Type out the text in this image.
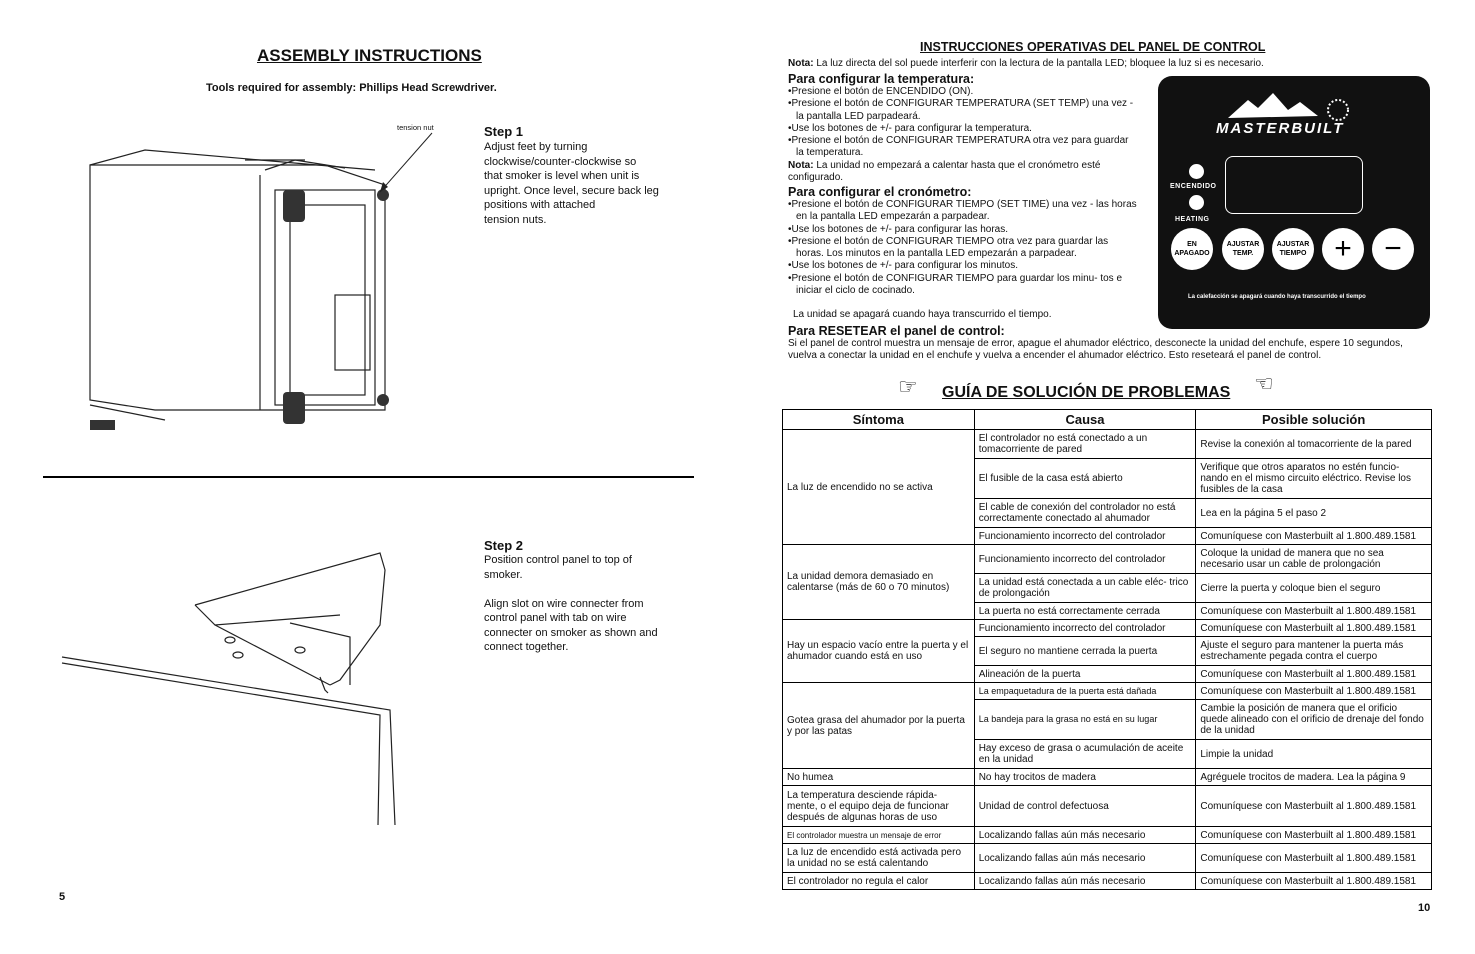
ASSEMBLY INSTRUCTIONS
Tools required for assembly: Phillips Head Screwdriver.
tension nut	Step 1
Adjust feet by turning
clockwise/counter-clockwise so
that smoker is level when unit is
upright. Once level, secure back leg
positions with attached
tension nuts.
Step 2
Position control panel to top of
smoker.

Align slot on wire connecter from
control panel with tab on wire
connecter on smoker as shown and
connect together.
5
INSTRUCCIONES OPERATIVAS DEL PANEL DE CONTROL
Nota: La luz directa del sol puede interferir con la lectura de la pantalla LED; bloquee la luz si es necesario.
Para configurar la temperatura:
• Presione el botón de ENCENDIDO (ON).
• Presione el botón de CONFIGURAR TEMPERATURA (SET TEMP) una vez - la pantalla LED parpadeará.
• Use los botones de +/- para configurar la temperatura.
• Presione el botón de CONFIGURAR TEMPERATURA otra vez para guardar la temperatura.
Nota: La unidad no empezará a calentar hasta que el cronómetro esté configurado.
Para configurar el cronómetro:
• Presione el botón de CONFIGURAR TIEMPO (SET TIME) una vez - las horas en la pantalla LED empezarán a parpadear.
• Use los botones de +/- para configurar las horas.
• Presione el botón de CONFIGURAR TIEMPO otra vez para guardar las horas. Los minutos en la pantalla LED empezarán a parpadear.
• Use los botones de +/- para configurar los minutos.
• Presione el botón de CONFIGURAR TIEMPO para guardar los minu- tos e iniciar el ciclo de cocinado.
La unidad se apagará cuando haya transcurrido el tiempo.
Para RESETEAR el panel de control:
Si el panel de control muestra un mensaje de error, apague el ahumador eléctrico, desconecte la unidad del enchufe, espere 10 segundos, vuelva a conectar la unidad en el enchufe y vuelva a encender el ahumador eléctrico. Esto reseteará el panel de control.
MASTERBUILT
ENCENDIDO
HEATING
EN APAGADO
AJUSTAR TEMP.
AJUSTAR TIEMPO +	−
La calefacción se apagará cuando haya transcurrido el tiempo
☞ GUÍA DE SOLUCIÓN DE PROBLEMAS ☜
Síntoma	Causa	Posible solución
La luz de encendido no se activa	El controlador no está conectado a un tomacorriente de pared	Revise la conexión al tomacorriente de la pared
	El fusible de la casa está abierto	Verifique que otros aparatos no estén funcio- nando en el mismo circuito eléctrico. Revise los fusibles de la casa
	El cable de conexión del controlador no está correctamente conectado al ahumador	Lea en la página 5 el paso 2
	Funcionamiento incorrecto del controlador	Comuníquese con Masterbuilt al 1.800.489.1581
La unidad demora demasiado en calentarse (más de 60 o 70 minutos)	Funcionamiento incorrecto del controlador	Coloque la unidad de manera que no sea necesario usar un cable de prolongación
	La unidad está conectada a un cable eléc- trico de prolongación	Cierre la puerta y coloque bien el seguro
	La puerta no está correctamente cerrada	Comuníquese con Masterbuilt al 1.800.489.1581
Hay un espacio vacío entre la puerta y el ahumador cuando está en uso	Funcionamiento incorrecto del controlador	Comuníquese con Masterbuilt al 1.800.489.1581
	El seguro no mantiene cerrada la puerta	Ajuste el seguro para mantener la puerta más estrechamente pegada contra el cuerpo
	Alineación de la puerta	Comuníquese con Masterbuilt al 1.800.489.1581
Gotea grasa del ahumador por la puerta y por las patas	La empaquetadura de la puerta está dañada	Comuníquese con Masterbuilt al 1.800.489.1581
	La bandeja para la grasa no está en su lugar	Cambie la posición de manera que el orificio quede alineado con el orificio de drenaje del fondo de la unidad
	Hay exceso de grasa o acumulación de aceite en la unidad	Limpie la unidad
No humea	No hay trocitos de madera	Agréguele trocitos de madera. Lea la página 9
La temperatura desciende rápida- mente, o el equipo deja de funcionar después de algunas horas de uso	Unidad de control defectuosa	Comuníquese con Masterbuilt al 1.800.489.1581
El controlador muestra un mensaje de error	Localizando fallas aún más necesario	Comuníquese con Masterbuilt al 1.800.489.1581
La luz de encendido está activada pero la unidad no se está calentando	Localizando fallas aún más necesario	Comuníquese con Masterbuilt al 1.800.489.1581
El controlador no regula el calor	Localizando fallas aún más necesario	Comuníquese con Masterbuilt al 1.800.489.1581
10
